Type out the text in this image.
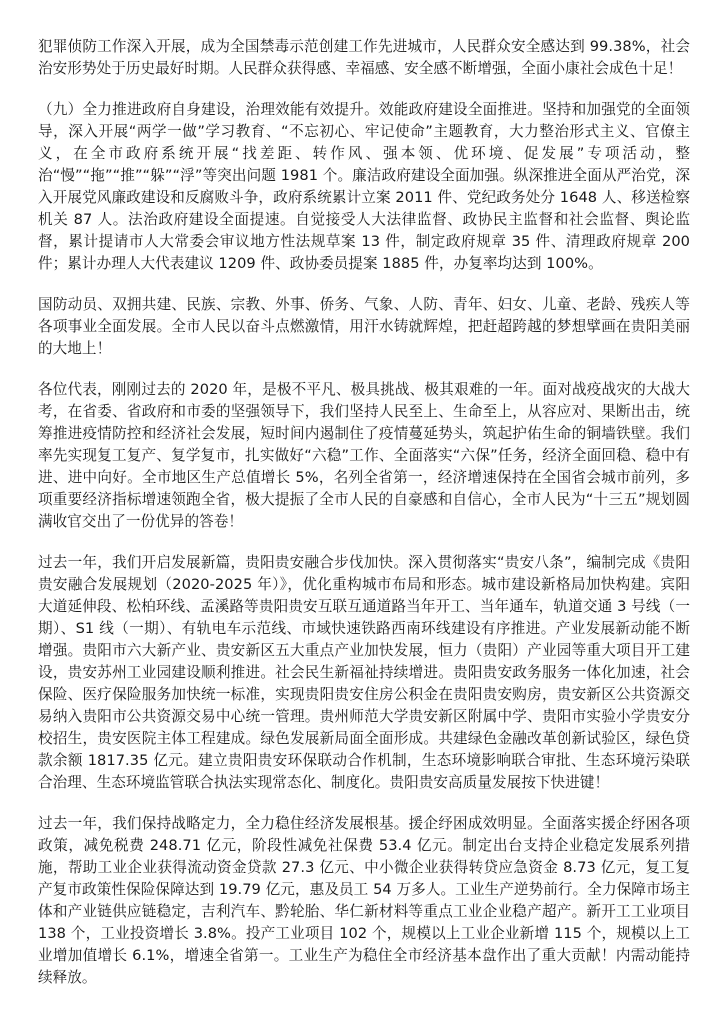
犯罪侦防工作深入开展，成为全国禁毒示范创建工作先进城市，人民群众安全感达到 99.38%，社会治安形势处于历史最好时期。人民群众获得感、幸福感、安全感不断增强，全面小康社会成色十足！

（九）全力推进政府自身建设，治理效能有效提升。效能政府建设全面推进。坚持和加强党的全面领导，深入开展“两学一做”学习教育、“不忘初心、牢记使命”主题教育，大力整治形式主义、官僚主义，在全市政府系统开展“找差距、转作风、强本领、优环境、促发展”专项活动，整治“慢”“拖”“推”“躲”“浮”等突出问题 1981 个。廉洁政府建设全面加强。纵深推进全面从严治党，深入开展党风廉政建设和反腐败斗争，政府系统累计立案 2011 件、党纪政务处分 1648 人、移送检察机关 87 人。法治政府建设全面提速。自觉接受人大法律监督、政协民主监督和社会监督、舆论监督，累计提请市人大常委会审议地方性法规草案 13 件，制定政府规章 35 件、清理政府规章 200 件；累计办理人大代表建议 1209 件、政协委员提案 1885 件，办复率均达到 100%。

国防动员、双拥共建、民族、宗教、外事、侨务、气象、人防、青年、妇女、儿童、老龄、残疾人等各项事业全面发展。全市人民以奋斗点燃激情，用汗水铸就辉煌，把赶超跨越的梦想擘画在贵阳美丽的大地上！

各位代表，刚刚过去的 2020 年，是极不平凡、极具挑战、极其艰难的一年。面对战疫战灾的大战大考，在省委、省政府和市委的坚强领导下，我们坚持人民至上、生命至上，从容应对、果断出击，统筹推进疫情防控和经济社会发展，短时间内遏制住了疫情蔓延势头，筑起护佑生命的铜墙铁壁。我们率先实现复工复产、复学复市，扎实做好“六稳”工作、全面落实“六保”任务，经济全面回稳、稳中有进、进中向好。全市地区生产总值增长 5%，名列全省第一，经济增速保持在全国省会城市前列，多项重要经济指标增速领跑全省，极大提振了全市人民的自豪感和自信心，全市人民为“十三五”规划圆满收官交出了一份优异的答卷！

过去一年，我们开启发展新篇，贵阳贵安融合步伐加快。深入贯彻落实“贵安八条”，编制完成《贵阳贵安融合发展规划（2020-2025 年）》，优化重构城市布局和形态。城市建设新格局加快构建。宾阳大道延伸段、松柏环线、孟溪路等贵阳贵安互联互通道路当年开工、当年通车，轨道交通 3 号线（一期）、S1 线（一期）、有轨电车示范线、市域快速铁路西南环线建设有序推进。产业发展新动能不断增强。贵阳市六大新产业、贵安新区五大重点产业加快发展，恒力（贵阳）产业园等重大项目开工建设，贵安苏州工业园建设顺利推进。社会民生新福祉持续增进。贵阳贵安政务服务一体化加速，社会保险、医疗保险服务加快统一标准，实现贵阳贵安住房公积金在贵阳贵安购房，贵安新区公共资源交易纳入贵阳市公共资源交易中心统一管理。贵州师范大学贵安新区附属中学、贵阳市实验小学贵安分校招生，贵安医院主体工程建成。绿色发展新局面全面形成。共建绿色金融改革创新试验区，绿色贷款余额 1817.35 亿元。建立贵阳贵安环保联动合作机制，生态环境影响联合审批、生态环境污染联合治理、生态环境监管联合执法实现常态化、制度化。贵阳贵安高质量发展按下快进键！

过去一年，我们保持战略定力，全力稳住经济发展根基。援企纾困成效明显。全面落实援企纾困各项政策，减免税费 248.71 亿元，阶段性减免社保费 53.4 亿元。制定出台支持企业稳定发展系列措施，帮助工业企业获得流动资金贷款 27.3 亿元、中小微企业获得转贷应急资金 8.73 亿元，复工复产复市政策性保险保障达到 19.79 亿元，惠及员工 54 万多人。工业生产逆势前行。全力保障市场主体和产业链供应链稳定，吉利汽车、黔轮胎、华仁新材料等重点工业企业稳产超产。新开工工业项目 138 个，工业投资增长 3.8%。投产工业项目 102 个，规模以上工业企业新增 115 个，规模以上工业增加值增长 6.1%，增速全省第一。工业生产为稳住全市经济基本盘作出了重大贡献！内需动能持续释放。
